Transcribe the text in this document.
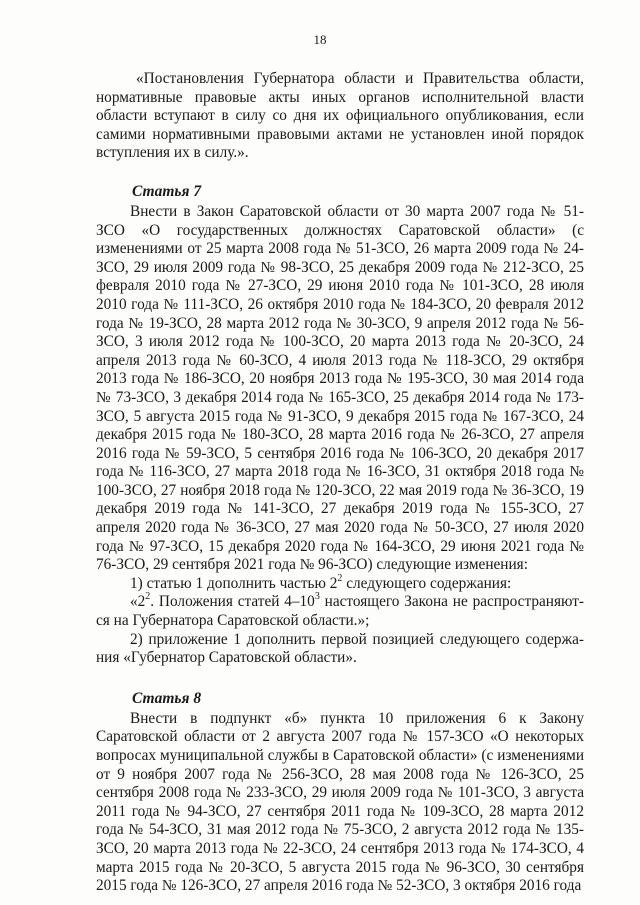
18

«Постановления Губернатора области и Правительства области, нормативные правовые акты иных органов исполнительной власти области вступают в силу со дня их официального опубликования, если самими нормативными правовыми актами не установлен иной порядок вступления их в силу.».

Статья 7

Внести в Закон Саратовской области от 30 марта 2007 года № 51-ЗСО «О государственных должностях Саратовской области» (с изменениями от 25 марта 2008 года № 51-ЗСО, 26 марта 2009 года № 24-ЗСО, 29 июля 2009 года № 98-ЗСО, 25 декабря 2009 года № 212-ЗСО, 25 февраля 2010 года № 27-ЗСО, 29 июня 2010 года № 101-ЗСО, 28 июля 2010 года № 111-ЗСО, 26 октября 2010 года № 184-ЗСО, 20 февраля 2012 года № 19-ЗСО, 28 марта 2012 года № 30-ЗСО, 9 апреля 2012 года № 56-ЗСО, 3 июля 2012 года № 100-ЗСО, 20 марта 2013 года № 20-ЗСО, 24 апреля 2013 года № 60-ЗСО, 4 июля 2013 года № 118-ЗСО, 29 октября 2013 года № 186-ЗСО, 20 ноября 2013 года № 195-ЗСО, 30 мая 2014 года № 73-ЗСО, 3 декабря 2014 года № 165-ЗСО, 25 декабря 2014 года № 173-ЗСО, 5 августа 2015 года № 91-ЗСО, 9 декабря 2015 года № 167-ЗСО, 24 декабря 2015 года № 180-ЗСО, 28 марта 2016 года № 26-ЗСО, 27 апреля 2016 года № 59-ЗСО, 5 сентября 2016 года № 106-ЗСО, 20 декабря 2017 года № 116-ЗСО, 27 марта 2018 года № 16-ЗСО, 31 октября 2018 года № 100-ЗСО, 27 ноября 2018 года № 120-ЗСО, 22 мая 2019 года № 36-ЗСО, 19 декабря 2019 года № 141-ЗСО, 27 декабря 2019 года № 155-ЗСО, 27 апреля 2020 года № 36-ЗСО, 27 мая 2020 года № 50-ЗСО, 27 июля 2020 года № 97-ЗСО, 15 декабря 2020 года № 164-ЗСО, 29 июня 2021 года № 76-ЗСО, 29 сентября 2021 года № 96-ЗСО) следующие изменения:

1) статью 1 дополнить частью $2^2$ следующего содержания:

«$2^2$. Положения статей $4-10^3$ настоящего Закона не распространяют-ся на Губернатора Саратовской области.»;

2) приложение 1 дополнить первой позицией следующего содержа-ния «Губернатор Саратовской области».

Статья 8

Внести в подпункт «б» пункта 10 приложения 6 к Закону Саратовской области от 2 августа 2007 года № 157-ЗСО «О некоторых вопросах муниципальной службы в Саратовской области» (с изменениями от 9 ноября 2007 года № 256-ЗСО, 28 мая 2008 года № 126-ЗСО, 25 сентября 2008 года № 233-ЗСО, 29 июля 2009 года № 101-ЗСО, 3 августа 2011 года № 94-ЗСО, 27 сентября 2011 года № 109-ЗСО, 28 марта 2012 года № 54-ЗСО, 31 мая 2012 года № 75-ЗСО, 2 августа 2012 года № 135-ЗСО, 20 марта 2013 года № 22-ЗСО, 24 сентября 2013 года № 174-ЗСО, 4 марта 2015 года № 20-ЗСО, 5 августа 2015 года № 96-ЗСО, 30 сентября 2015 года № 126-ЗСО, 27 апреля 2016 года № 52-ЗСО, 3 октября 2016 года
